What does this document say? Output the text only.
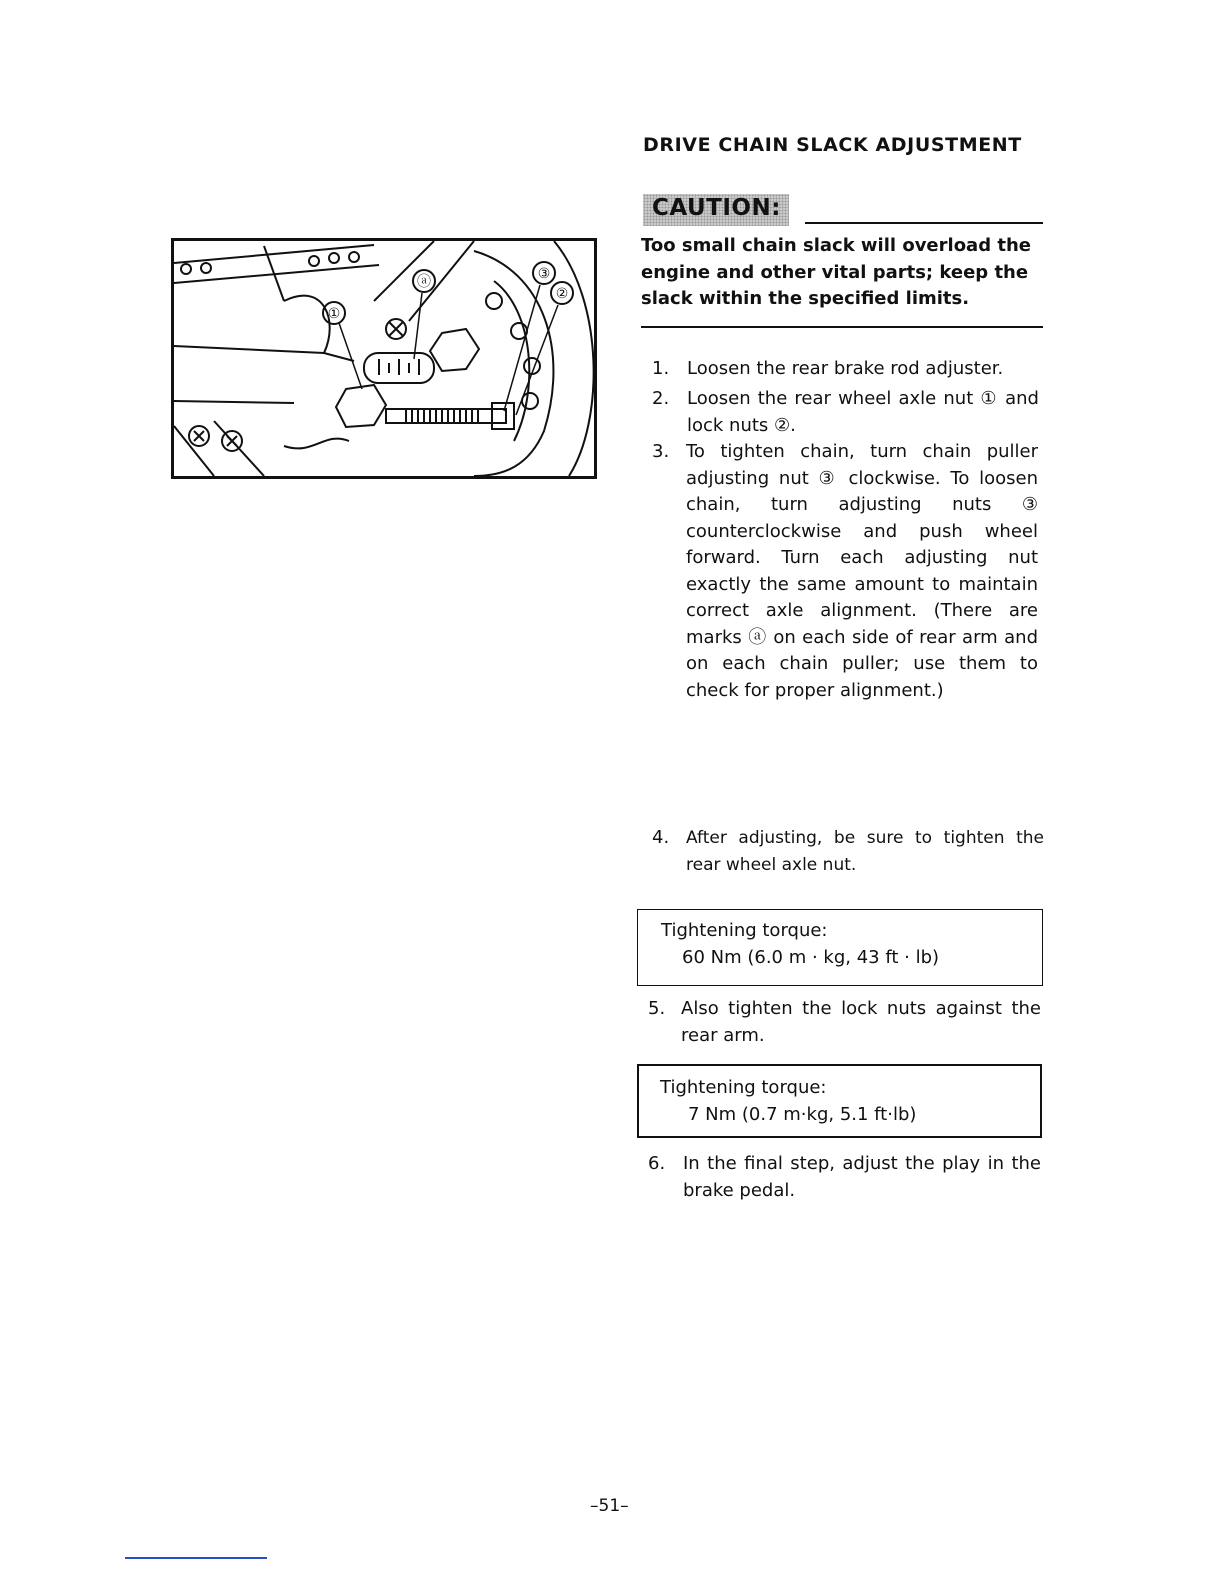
①
②
③
ⓐ
DRIVE CHAIN SLACK ADJUSTMENT
CAUTION:
Too small chain slack will overload the engine and other vital parts; keep the slack within the specified limits.
1. Loosen the rear brake rod adjuster.
2. Loosen the rear wheel axle nut ① and lock nuts ②.
3. To tighten chain, turn chain puller adjusting nut ③ clockwise. To loosen chain, turn adjusting nuts ③ counterclockwise and push wheel forward. Turn each adjusting nut exactly the same amount to maintain correct axle alignment. (There are marks ⓐ on each side of rear arm and on each chain puller; use them to check for proper alignment.)
4. After adjusting, be sure to tighten the rear wheel axle nut.
Tightening torque:
60 Nm (6.0 m · kg, 43 ft · lb)
5. Also tighten the lock nuts against the rear arm.
Tightening torque:
7 Nm (0.7 m·kg, 5.1 ft·lb)
6. In the final step, adjust the play in the brake pedal.
–51–
